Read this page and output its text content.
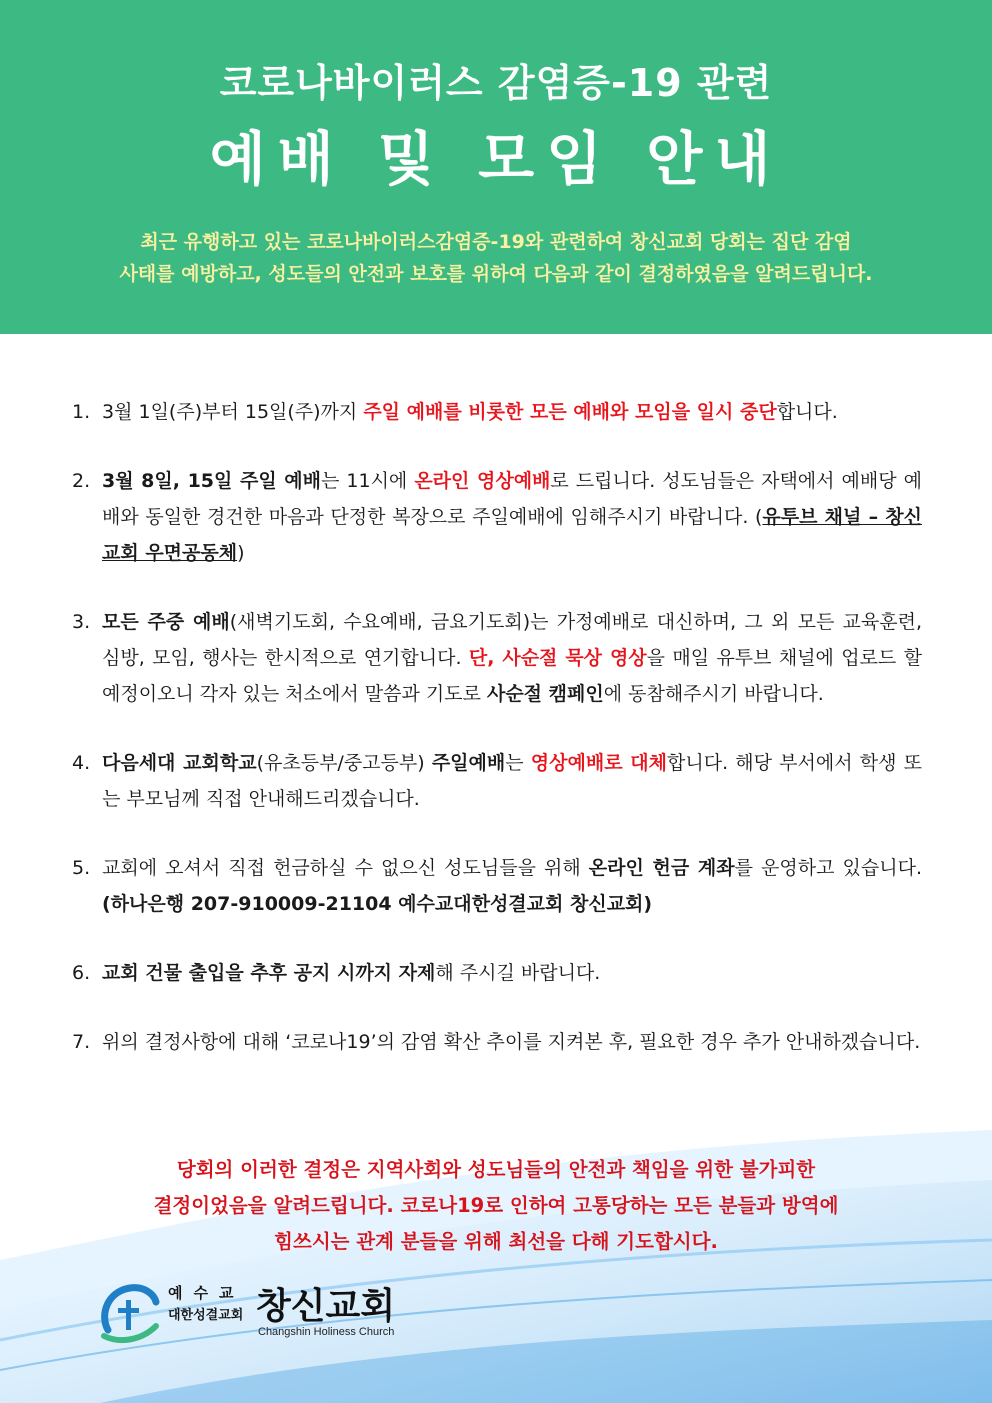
코로나바이러스 감염증-19 관련
예배 및 모임 안내
최근 유행하고 있는 코로나바이러스감염증-19와 관련하여 창신교회 당회는 집단 감염
사태를 예방하고, 성도들의 안전과 보호를 위하여 다음과 같이 결정하였음을 알려드립니다.
1. 3월 1일(주)부터 15일(주)까지 주일 예배를 비롯한 모든 예배와 모임을 일시 중단합니다.
2. 3월 8일, 15일 주일 예배는 11시에 온라인 영상예배로 드립니다. 성도님들은 자택에서 예배당 예배와 동일한 경건한 마음과 단정한 복장으로 주일예배에 임해주시기 바랍니다. (유투브 채널 – 창신교회 우면공동체)
3. 모든 주중 예배(새벽기도회, 수요예배, 금요기도회)는 가정예배로 대신하며, 그 외 모든 교육훈련, 심방, 모임, 행사는 한시적으로 연기합니다. 단, 사순절 묵상 영상을 매일 유투브 채널에 업로드 할 예정이오니 각자 있는 처소에서 말씀과 기도로 사순절 캠페인에 동참해주시기 바랍니다.
4. 다음세대 교회학교(유초등부/중고등부) 주일예배는 영상예배로 대체합니다. 해당 부서에서 학생 또는 부모님께 직접 안내해드리겠습니다.
5. 교회에 오셔서 직접 헌금하실 수 없으신 성도님들을 위해 온라인 헌금 계좌를 운영하고 있습니다. (하나은행 207-910009-21104 예수교대한성결교회 창신교회)
6. 교회 건물 출입을 추후 공지 시까지 자제해 주시길 바랍니다.
7. 위의 결정사항에 대해 ‘코로나19’의 감염 확산 추이를 지켜본 후, 필요한 경우 추가 안내하겠습니다.
당회의 이러한 결정은 지역사회와 성도님들의 안전과 책임을 위한 불가피한
결정이었음을 알려드립니다. 코로나19로 인하여 고통당하는 모든 분들과 방역에
힘쓰시는 관계 분들을 위해 최선을 다해 기도합시다.
예수교
대한성결교회 창신교회
Changshin Holiness Church
